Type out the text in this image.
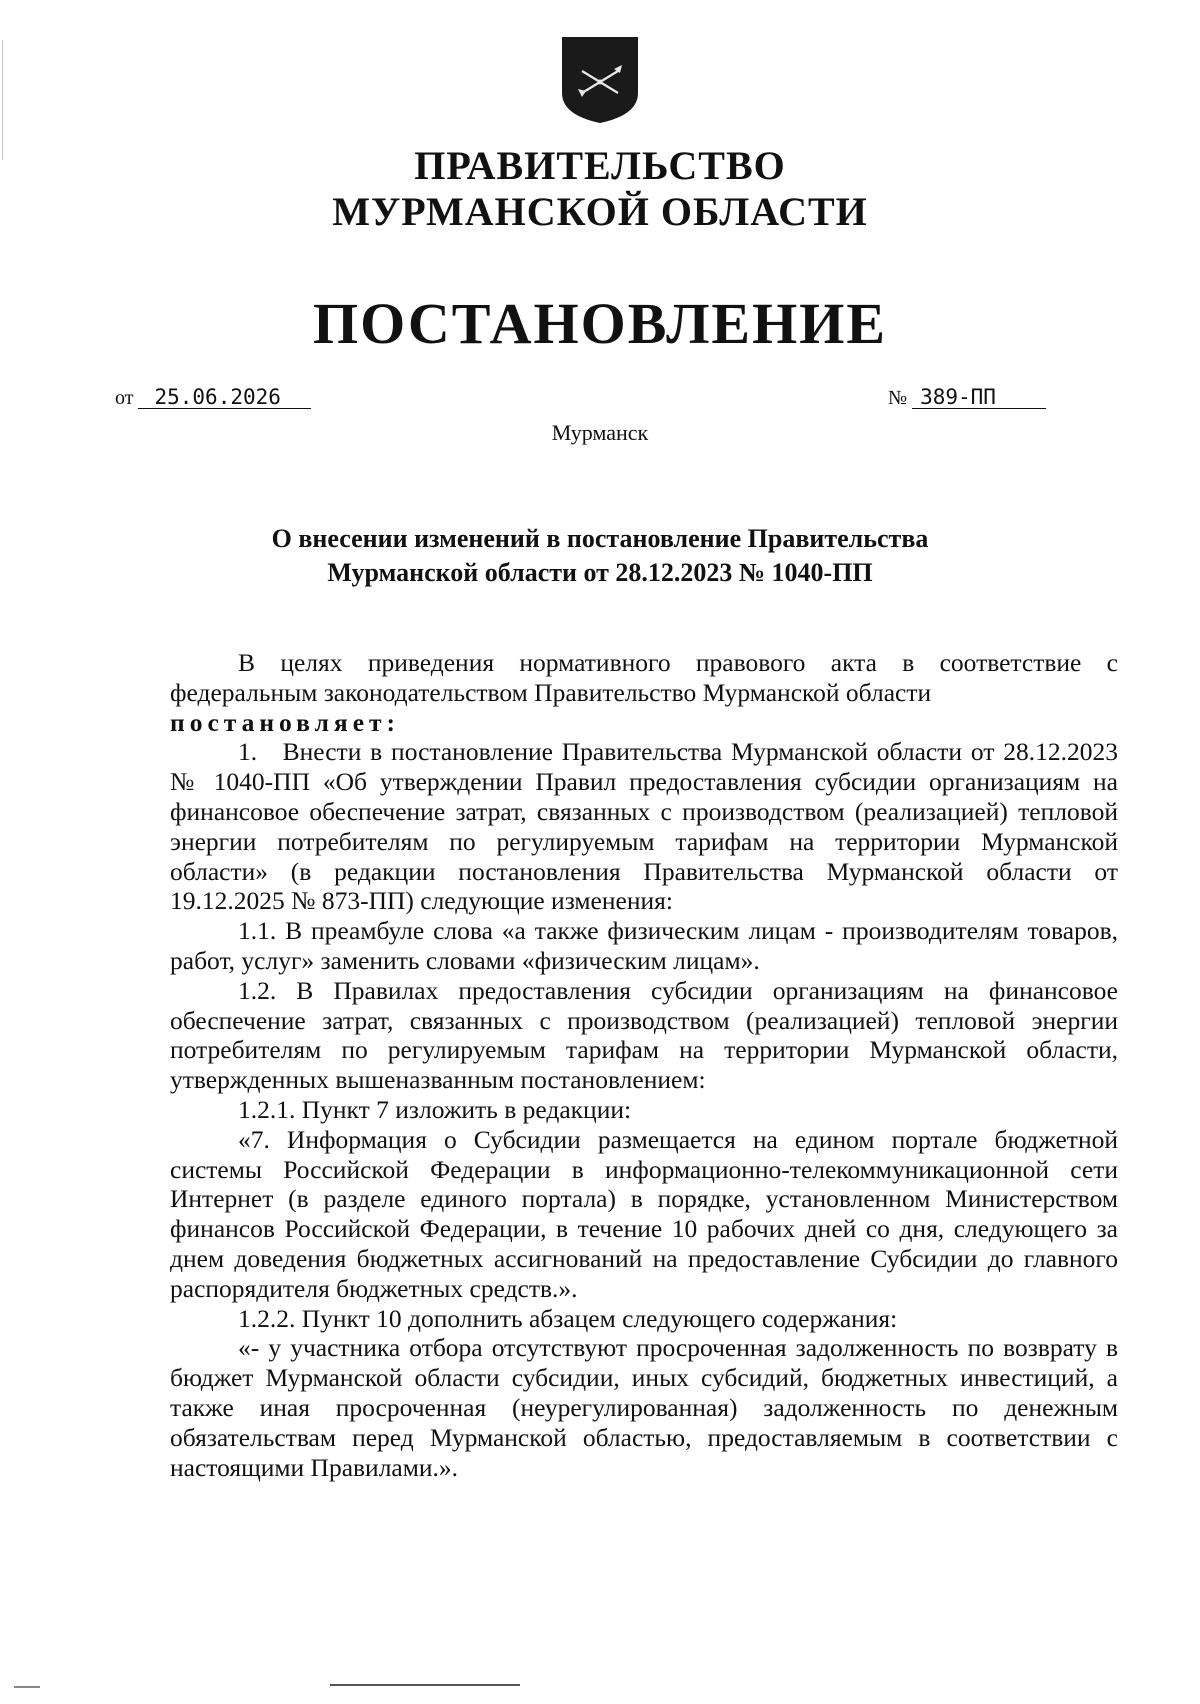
ПРАВИТЕЛЬСТВО
МУРМАНСКОЙ ОБЛАСТИ
ПОСТАНОВЛЕНИЕ
от 25.06.2026	№ 389-ПП
Мурманск
О внесении изменений в постановление Правительства
Мурманской области от 28.12.2023 № 1040-ПП

В целях приведения нормативного правового акта в соответствие с федеральным законодательством Правительство Мурманской области

постановляет:

1. Внести в постановление Правительства Мурманской области от 28.12.2023 № 1040-ПП «Об утверждении Правил предоставления субсидии организациям на финансовое обеспечение затрат, связанных с производством (реализацией) тепловой энергии потребителям по регулируемым тарифам на территории Мурманской области» (в редакции постановления Правительства Мурманской области от 19.12.2025 № 873-ПП) следующие изменения:

1.1. В преамбуле слова «а также физическим лицам - производителям товаров, работ, услуг» заменить словами «физическим лицам».

1.2. В Правилах предоставления субсидии организациям на финансовое обеспечение затрат, связанных с производством (реализацией) тепловой энергии потребителям по регулируемым тарифам на территории Мурманской области, утвержденных вышеназванным постановлением:

1.2.1. Пункт 7 изложить в редакции:

«7. Информация о Субсидии размещается на едином портале бюджетной системы Российской Федерации в информационно-телекоммуникационной сети Интернет (в разделе единого портала) в порядке, установленном Министерством финансов Российской Федерации, в течение 10 рабочих дней со дня, следующего за днем доведения бюджетных ассигнований на предоставление Субсидии до главного распорядителя бюджетных средств.».

1.2.2. Пункт 10 дополнить абзацем следующего содержания:

«- у участника отбора отсутствуют просроченная задолженность по возврату в бюджет Мурманской области субсидии, иных субсидий, бюджетных инвестиций, а также иная просроченная (неурегулированная) задолженность по денежным обязательствам перед Мурманской областью, предоставляемым в соответствии с настоящими Правилами.».
